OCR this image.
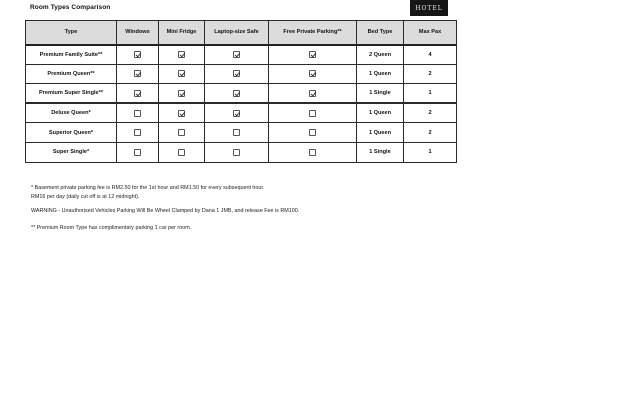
Room Types Comparison	HOTEL
Type	Windows	Mini Fridge	Laptop-size Safe	Free Private Parking**	Bed Type	Max Pax
Premium Family Suite**					2 Queen	4
Premium Queen**					1 Queen	2
Premium Super Single**					1 Single	1
Deluxe Queen*					1 Queen	2
Superior Queen*					1 Queen	2
Super Single*					1 Single	1
* Basement private parking fee is RM2.50 for the 1st hour and RM1.50 for every subsequent hour.
RM16 per day (daily cut off is at 12 midnight).

WARNING - Unauthorised Vehicles Parking Will Be Wheel Clamped by Dana 1 JMB, and release Fee is RM100.

** Premium Room Type has complimentary parking 1 car per room.
